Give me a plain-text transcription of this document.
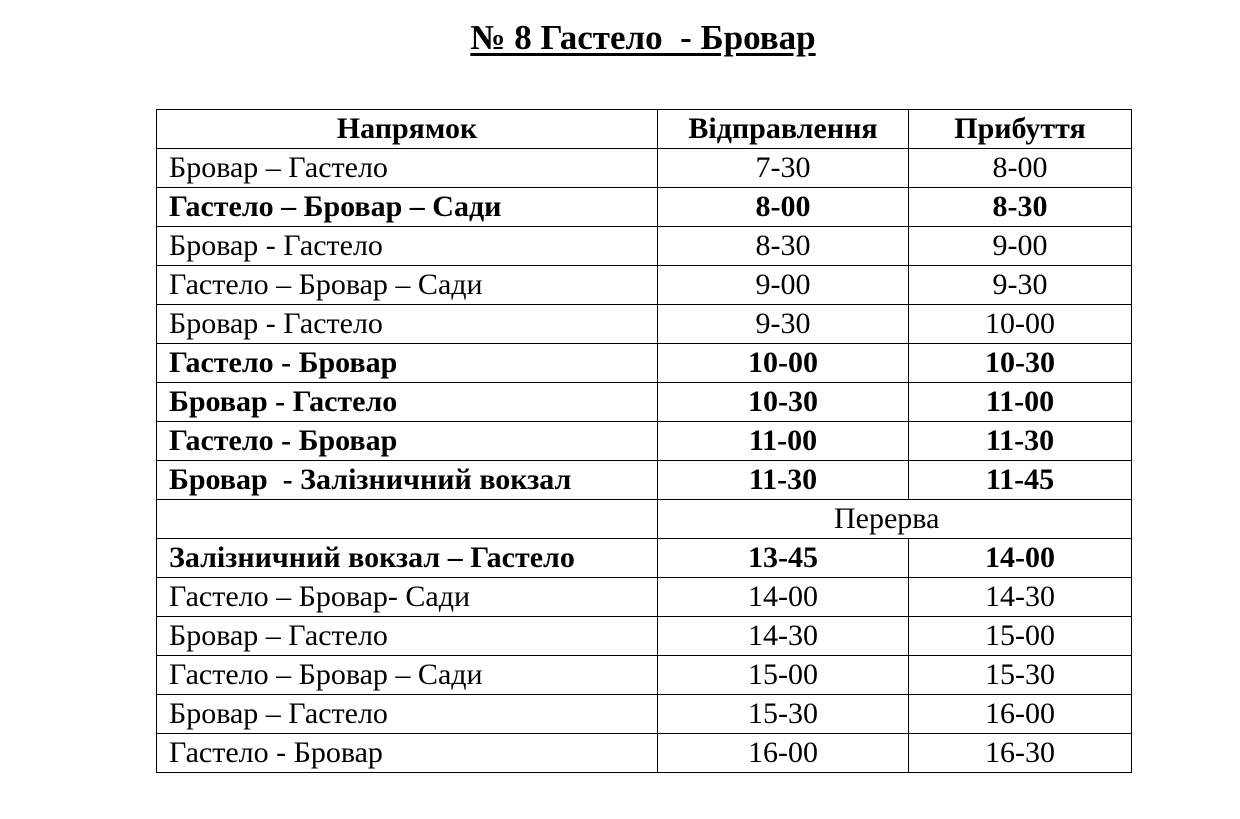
№ 8 Гастело  - Бровар
Напрямок	Відправлення	Прибуття
Бровар – Гастело	7-30	8-00
Гастело – Бровар – Сади	8-00	8-30
Бровар - Гастело	8-30	9-00
Гастело – Бровар – Сади	9-00	9-30
Бровар - Гастело	9-30	10-00
Гастело - Бровар	10-00	10-30
Бровар - Гастело	10-30	11-00
Гастело - Бровар	11-00	11-30
Бровар  - Залізничний вокзал	11-30	11-45
	Перерва	
Залізничний вокзал – Гастело	13-45	14-00
Гастело – Бровар- Сади	14-00	14-30
Бровар – Гастело	14-30	15-00
Гастело – Бровар – Сади	15-00	15-30
Бровар – Гастело	15-30	16-00
Гастело - Бровар	16-00	16-30
